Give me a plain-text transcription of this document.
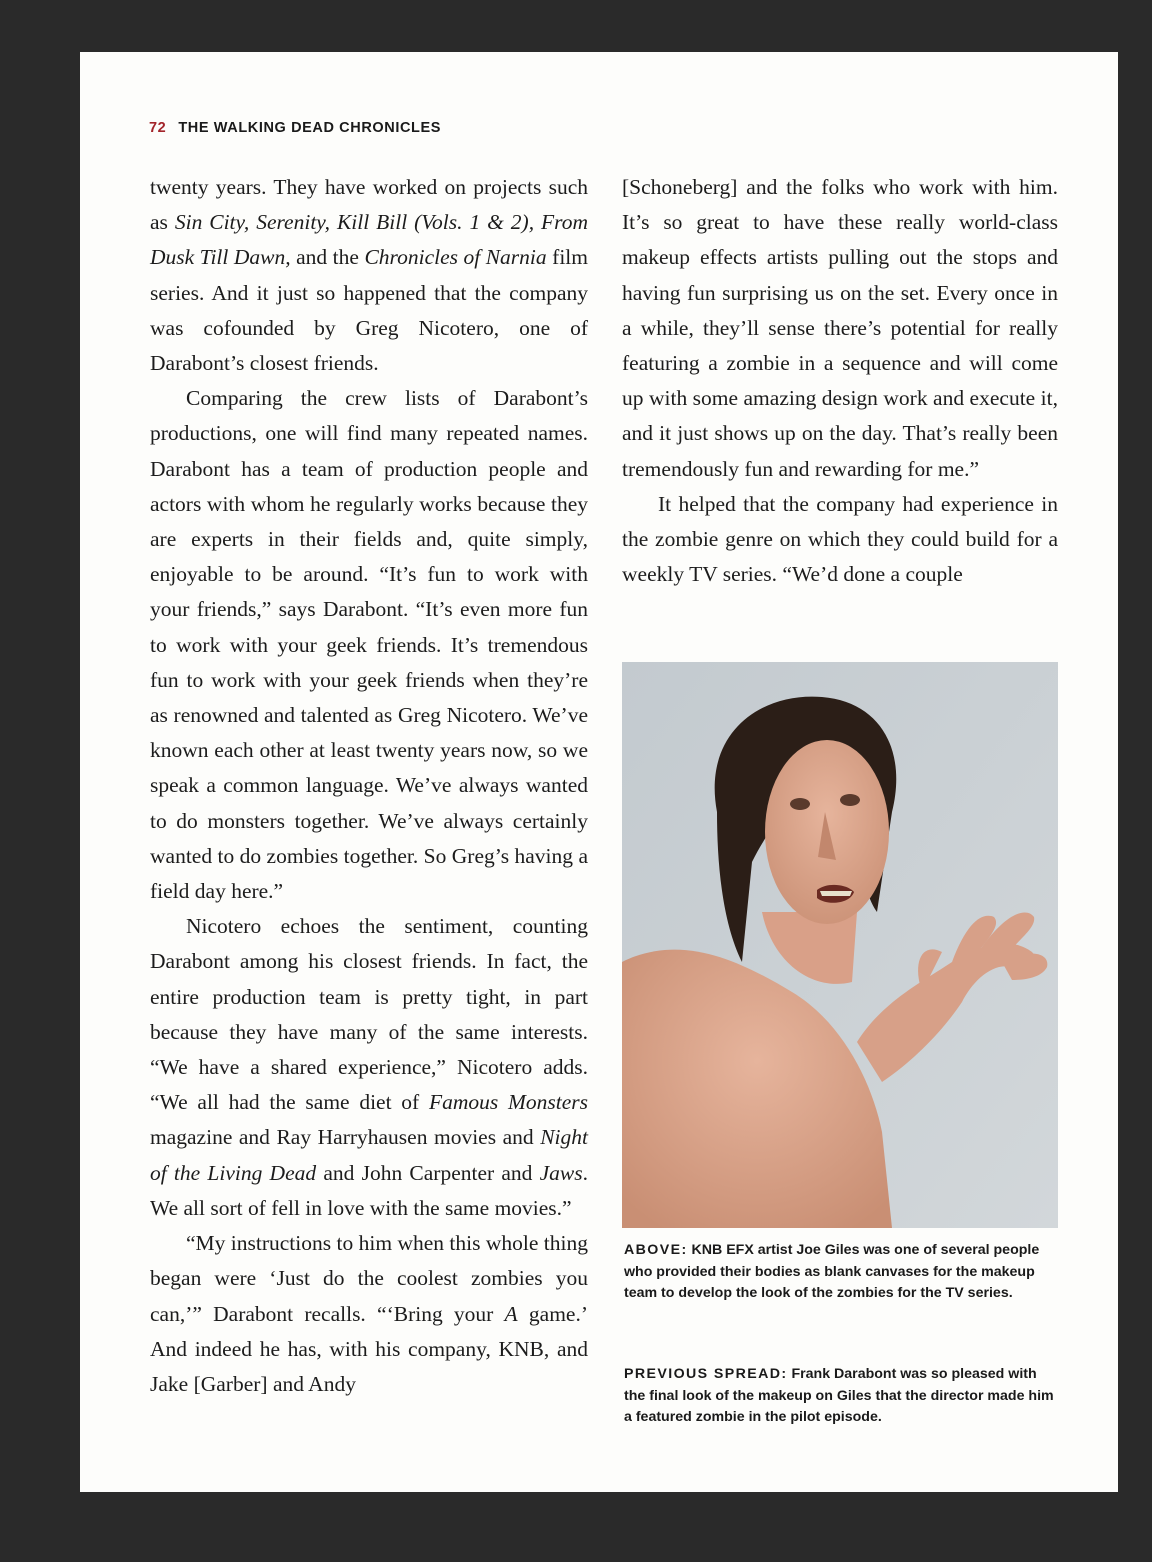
72 THE WALKING DEAD CHRONICLES

twenty years. They have worked on projects such as Sin City, Serenity, Kill Bill (Vols. 1 & 2), From Dusk Till Dawn, and the Chronicles of Narnia film series. And it just so happened that the company was cofounded by Greg Nicotero, one of Darabont’s closest friends.

Comparing the crew lists of Darabont’s productions, one will find many repeated names. Darabont has a team of production people and actors with whom he regularly works because they are experts in their fields and, quite simply, enjoyable to be around. “It’s fun to work with your friends,” says Darabont. “It’s even more fun to work with your geek friends. It’s tremendous fun to work with your geek friends when they’re as renowned and talented as Greg Nicotero. We’ve known each other at least twenty years now, so we speak a common language. We’ve always wanted to do monsters together. We’ve always certainly wanted to do zombies together. So Greg’s having a field day here.”

Nicotero echoes the sentiment, counting Darabont among his closest friends. In fact, the entire production team is pretty tight, in part because they have many of the same interests. “We have a shared experience,” Nicotero adds. “We all had the same diet of Famous Monsters magazine and Ray Harryhausen movies and Night of the Living Dead and John Carpenter and Jaws. We all sort of fell in love with the same movies.”

“My instructions to him when this whole thing began were ‘Just do the coolest zombies you can,’” Darabont recalls. “‘Bring your A game.’ And indeed he has, with his company, KNB, and Jake [Garber] and Andy

[Schoneberg] and the folks who work with him. It’s so great to have these really world-class makeup effects artists pulling out the stops and having fun surprising us on the set. Every once in a while, they’ll sense there’s potential for really featuring a zombie in a sequence and will come up with some amazing design work and execute it, and it just shows up on the day. That’s really been tremendously fun and rewarding for me.”

It helped that the company had experience in the zombie genre on which they could build for a weekly TV series. “We’d done a couple

ABOVE: KNB EFX artist Joe Giles was one of several people who provided their bodies as blank canvases for the makeup team to develop the look of the zombies for the TV series.
PREVIOUS SPREAD: Frank Darabont was so pleased with the final look of the makeup on Giles that the director made him a featured zombie in the pilot episode.
